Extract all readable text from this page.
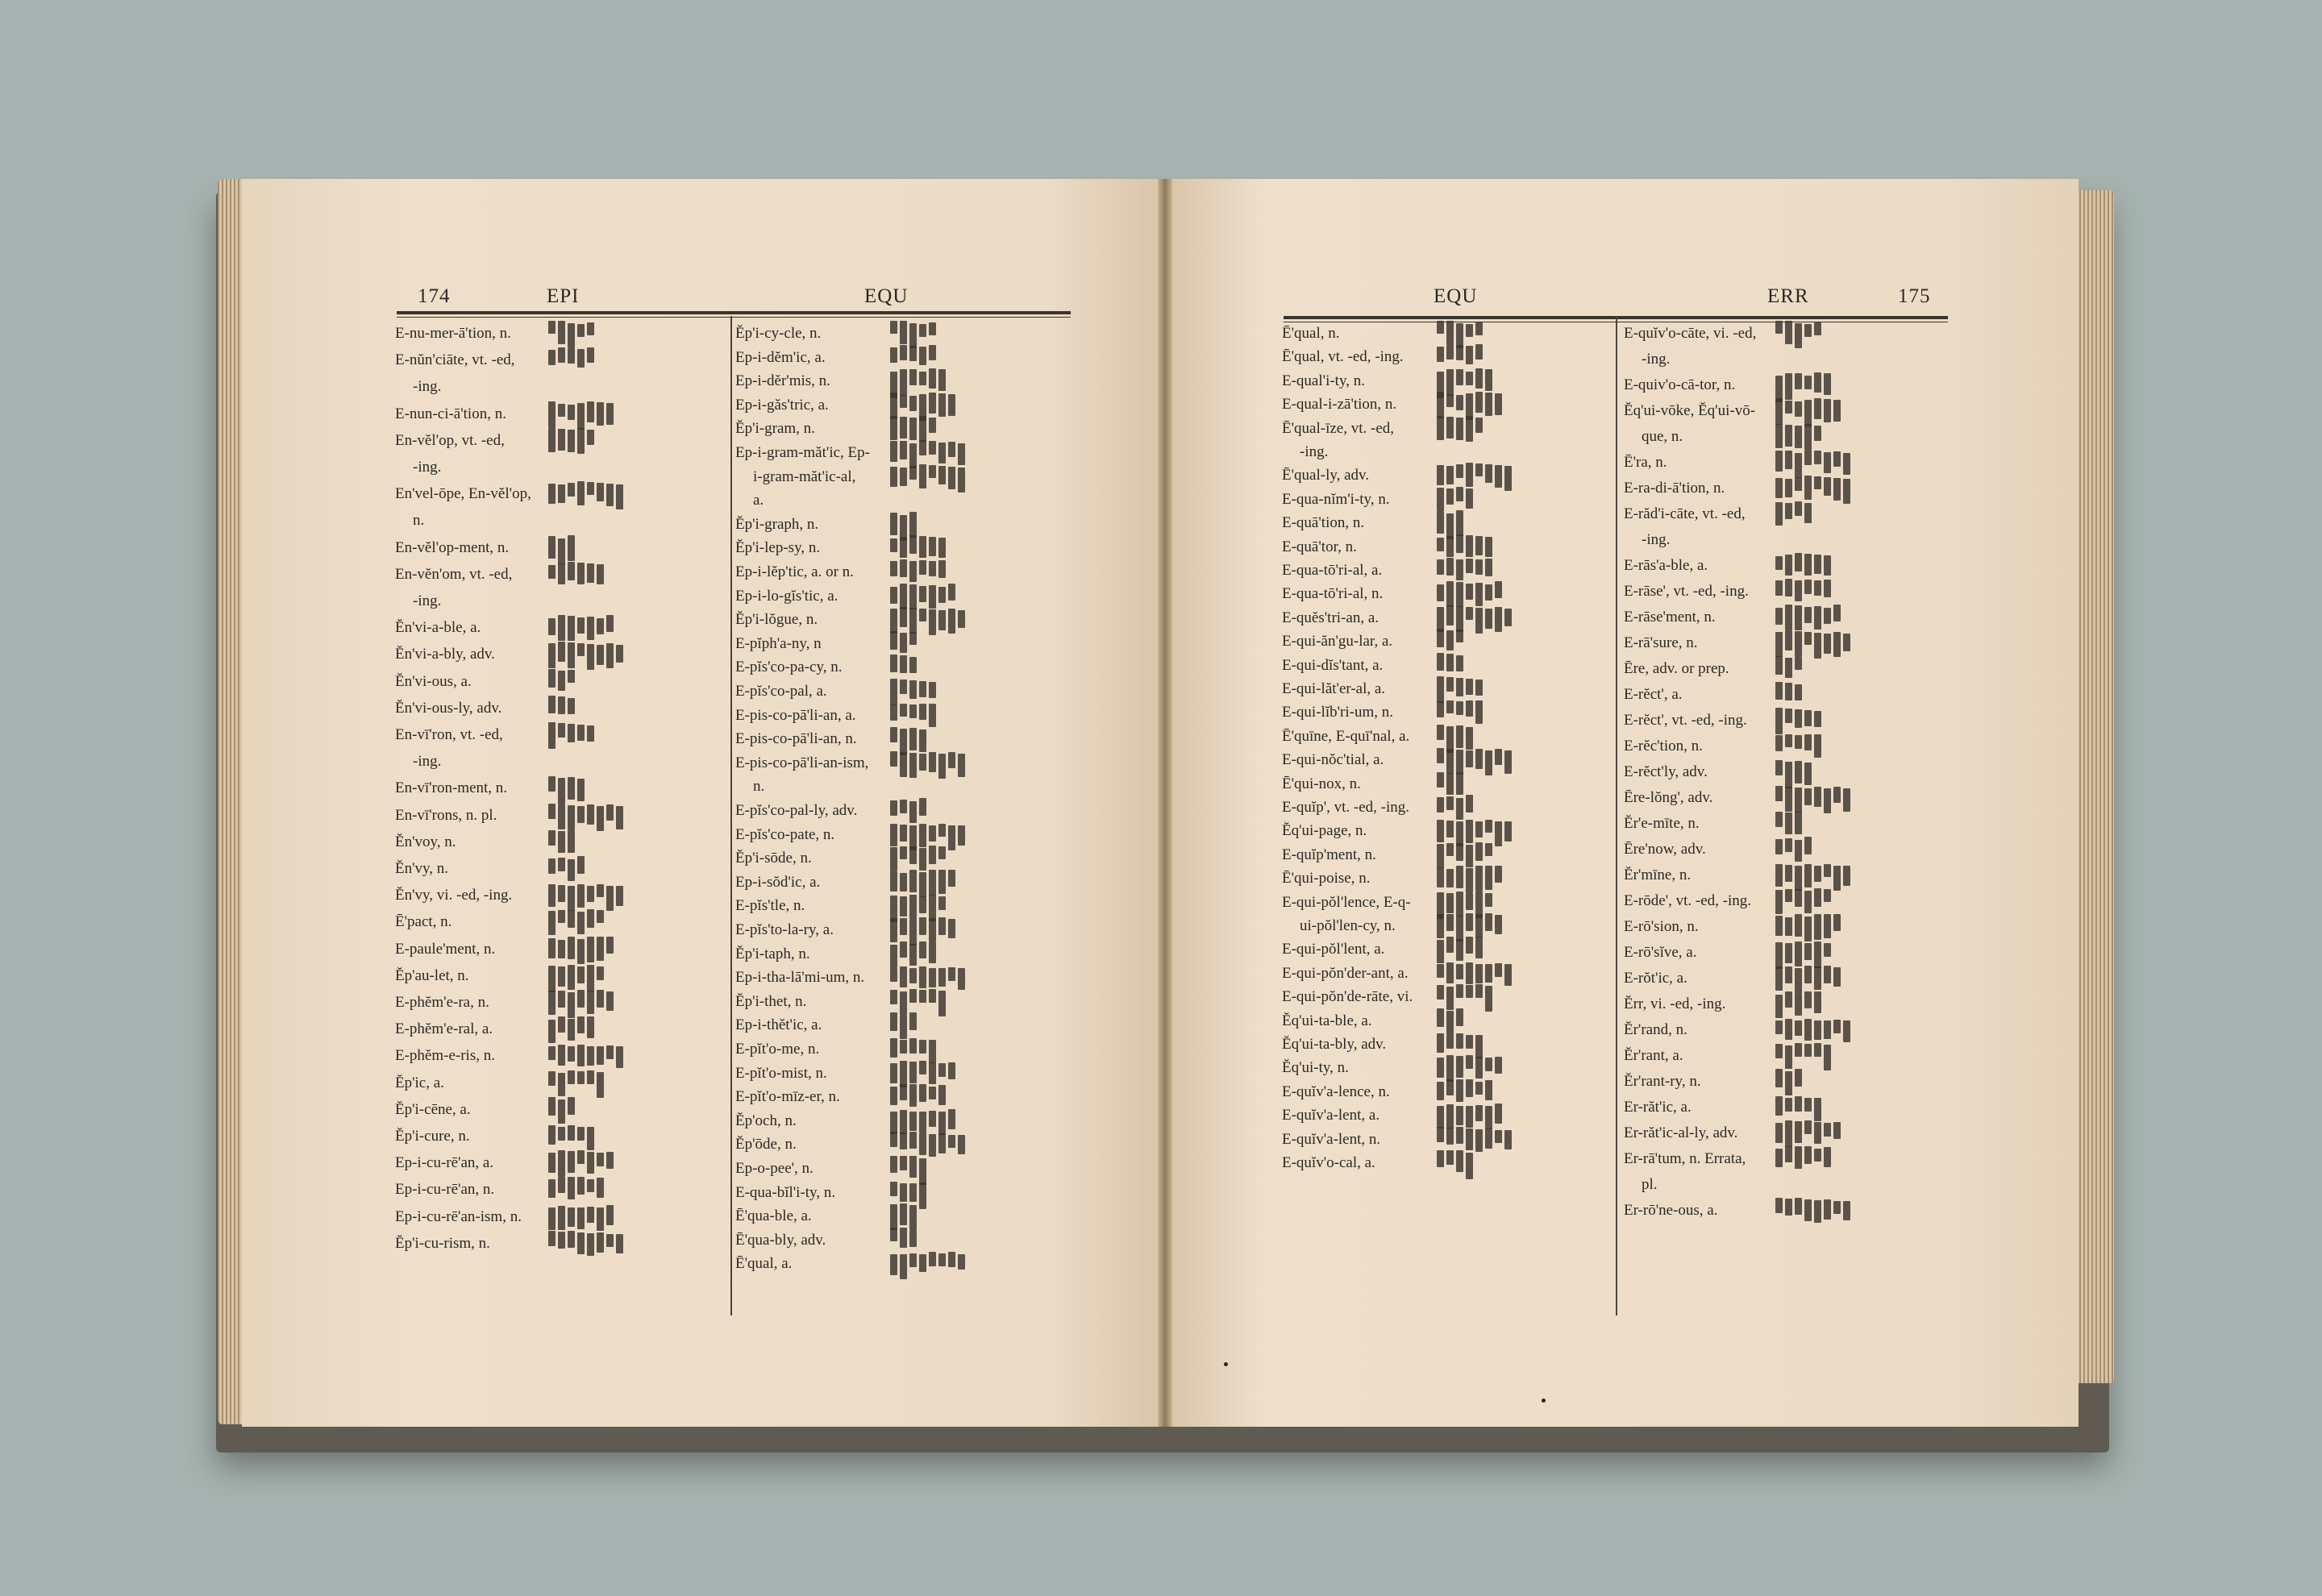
174	EPI	EQU	EQU	ERR	175
E-nu-mer-ā'tion, n.
E-nŭn'ciāte, vt. -ed,
-ing.
E-nun-ci-ā'tion, n.
En-vĕl'op, vt. -ed,
-ing.
En'vel-ōpe, En-vĕl'op,
n.
En-vĕl'op-ment, n.
En-vĕn'om, vt. -ed,
-ing.
Ĕn'vi-a-ble, a.
Ĕn'vi-a-bly, adv.
Ĕn'vi-ous, a.
Ĕn'vi-ous-ly, adv.
En-vī'ron, vt. -ed,
-ing.
En-vī'ron-ment, n.
En-vī'rons, n. pl.
Ĕn'voy, n.
Ĕn'vy, n.
Ĕn'vy, vi. -ed, -ing.
Ē'pact, n.
E-paule'ment, n.
Ĕp'au-let, n.
E-phĕm'e-ra, n.
E-phĕm'e-ral, a.
E-phĕm-e-ris, n.
Ĕp'ic, a.
Ĕp'i-cēne, a.
Ĕp'i-cure, n.
Ep-i-cu-rē'an, a.
Ep-i-cu-rē'an, n.
Ep-i-cu-rē'an-ism, n.
Ĕp'i-cu-rism, n.
Ĕp'i-cy-cle, n.
Ep-i-dĕm'ic, a.
Ep-i-dĕr'mis, n.
Ep-i-găs'tric, a.
Ĕp'i-gram, n.
Ep-i-gram-măt'ic, Ep-
i-gram-măt'ic-al,
a.
Ĕp'i-graph, n.
Ĕp'i-lep-sy, n.
Ep-i-lĕp'tic, a. or n.
Ep-i-lo-gĭs'tic, a.
Ĕp'i-lŏgue, n.
E-pĭph'a-ny, n
E-pĭs'co-pa-cy, n.
E-pĭs'co-pal, a.
E-pis-co-pā'li-an, a.
E-pis-co-pā'li-an, n.
E-pis-co-pā'li-an-ism,
n.
E-pĭs'co-pal-ly, adv.
E-pĭs'co-pate, n.
Ĕp'i-sōde, n.
Ep-i-sŏd'ic, a.
E-pĭs'tle, n.
E-pĭs'to-la-ry, a.
Ĕp'i-taph, n.
Ep-i-tha-lā'mi-um, n.
Ĕp'i-thet, n.
Ep-i-thĕt'ic, a.
E-pĭt'o-me, n.
E-pĭt'o-mist, n.
E-pĭt'o-mīz-er, n.
Ĕp'och, n.
Ĕp'ōde, n.
Ep-o-pee', n.
E-qua-bĭl'i-ty, n.
Ē'qua-ble, a.
Ē'qua-bly, adv.
Ē'qual, a.
Ē'qual, n.
Ē'qual, vt. -ed, -ing.
E-qual'i-ty, n.
E-qual-i-zā'tion, n.
Ē'qual-īze, vt. -ed,
-ing.
Ē'qual-ly, adv.
E-qua-nĭm'i-ty, n.
E-quā'tion, n.
E-quā'tor, n.
E-qua-tō'ri-al, a.
E-qua-tō'ri-al, n.
E-quĕs'tri-an, a.
E-qui-ăn'gu-lar, a.
E-qui-dĭs'tant, a.
E-qui-lăt'er-al, a.
E-qui-lĭb'ri-um, n.
Ē'quīne, E-quī'nal, a.
E-qui-nŏc'tial, a.
Ē'qui-nox, n.
E-quĭp', vt. -ed, -ing.
Ĕq'ui-page, n.
E-quĭp'ment, n.
Ē'qui-poise, n.
E-qui-pŏl'lence, E-q-
ui-pŏl'len-cy, n.
E-qui-pŏl'lent, a.
E-qui-pŏn'der-ant, a.
E-qui-pŏn'de-rāte, vi.
Ĕq'ui-ta-ble, a.
Ĕq'ui-ta-bly, adv.
Ĕq'ui-ty, n.
E-quĭv'a-lence, n.
E-quĭv'a-lent, a.
E-quĭv'a-lent, n.
E-quĭv'o-cal, a.
E-quĭv'o-cāte, vi. -ed,
-ing.
E-quiv'o-cā-tor, n.
Ĕq'ui-vōke, Ĕq'ui-vō-
que, n.
Ē'ra, n.
E-ra-di-ā'tion, n.
E-răd'i-cāte, vt. -ed,
-ing.
E-rās'a-ble, a.
E-rāse', vt. -ed, -ing.
E-rāse'ment, n.
E-rā'sure, n.
Ēre, adv. or prep.
E-rĕct', a.
E-rĕct', vt. -ed, -ing.
E-rĕc'tion, n.
E-rĕct'ly, adv.
Ēre-lŏng', adv.
Ĕr'e-mīte, n.
Ēre'now, adv.
Ĕr'mīne, n.
E-rōde', vt. -ed, -ing.
E-rō'sion, n.
E-rō'sĭve, a.
E-rŏt'ic, a.
Ĕrr, vi. -ed, -ing.
Ĕr'rand, n.
Ĕr'rant, a.
Ĕr'rant-ry, n.
Er-răt'ic, a.
Er-răt'ic-al-ly, adv.
Er-rā'tum, n. Errata,
pl.
Er-rō'ne-ous, a.
